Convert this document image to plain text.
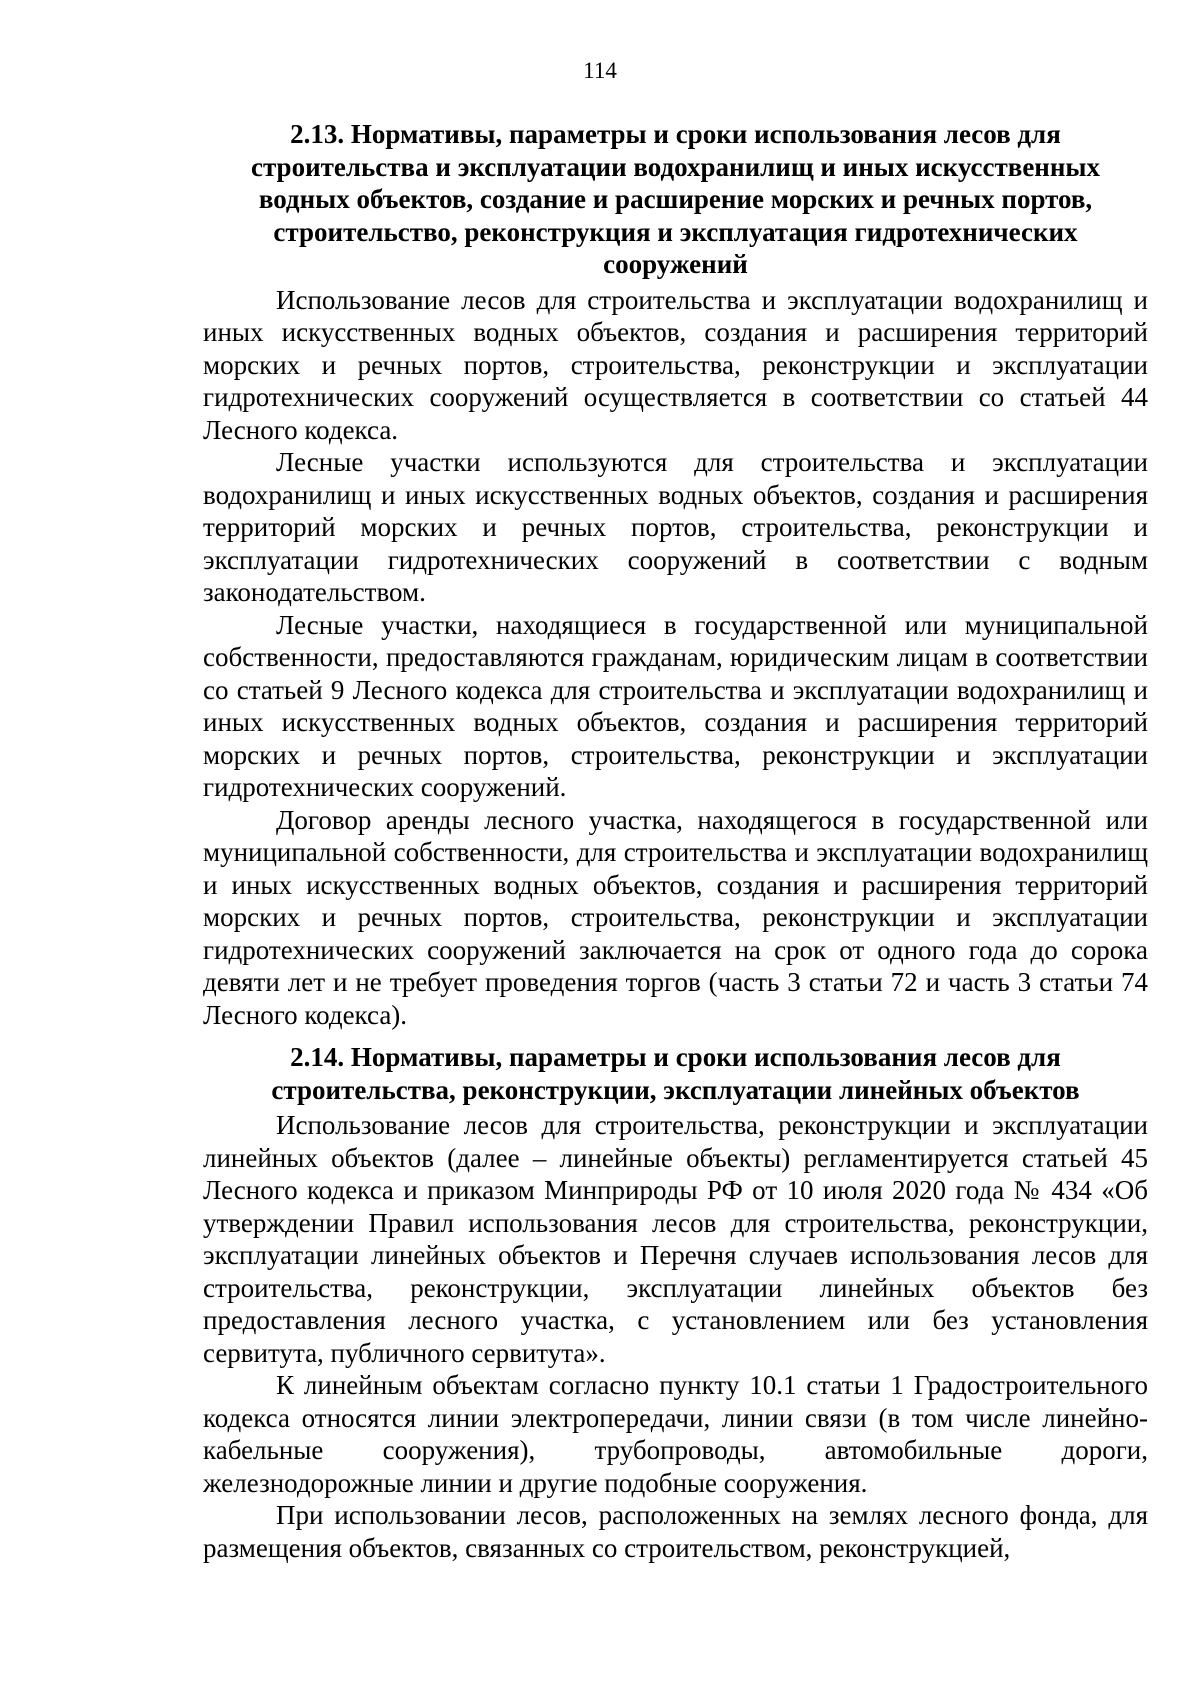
114

2.13. Нормативы, параметры и сроки использования лесов для строительства и эксплуатации водохранилищ и иных искусственных водных объектов, создание и расширение морских и речных портов, строительство, реконструкция и эксплуатация гидротехнических сооружений

Использование лесов для строительства и эксплуатации водохранилищ и иных искусственных водных объектов, создания и расширения территорий морских и речных портов, строительства, реконструкции и эксплуатации гидротехнических сооружений осуществляется в соответствии со статьей 44 Лесного кодекса.

Лесные участки используются для строительства и эксплуатации водохранилищ и иных искусственных водных объектов, создания и расширения территорий морских и речных портов, строительства, реконструкции и эксплуатации гидротехнических сооружений в соответствии с водным законодательством.

Лесные участки, находящиеся в государственной или муниципальной собственности, предоставляются гражданам, юридическим лицам в соответствии со статьей 9 Лесного кодекса для строительства и эксплуатации водохранилищ и иных искусственных водных объектов, создания и расширения территорий морских и речных портов, строительства, реконструкции и эксплуатации гидротехнических сооружений.

Договор аренды лесного участка, находящегося в государственной или муниципальной собственности, для строительства и эксплуатации водохранилищ и иных искусственных водных объектов, создания и расширения территорий морских и речных портов, строительства, реконструкции и эксплуатации гидротехнических сооружений заключается на срок от одного года до сорока девяти лет и не требует проведения торгов (часть 3 статьи 72 и часть 3 статьи 74 Лесного кодекса).

2.14. Нормативы, параметры и сроки использования лесов для строительства, реконструкции, эксплуатации линейных объектов

Использование лесов для строительства, реконструкции и эксплуатации линейных объектов (далее – линейные объекты) регламентируется статьей 45 Лесного кодекса и приказом Минприроды РФ от 10 июля 2020 года № 434 «Об утверждении Правил использования лесов для строительства, реконструкции, эксплуатации линейных объектов и Перечня случаев использования лесов для строительства, реконструкции, эксплуатации линейных объектов без предоставления лесного участка, с установлением или без установления сервитута, публичного сервитута».

К линейным объектам согласно пункту 10.1 статьи 1 Градостроительного кодекса относятся линии электропередачи, линии связи (в том числе линейно-кабельные сооружения), трубопроводы, автомобильные дороги, железнодорожные линии и другие подобные сооружения.

При использовании лесов, расположенных на землях лесного фонда, для размещения объектов, связанных со строительством, реконструкцией,
